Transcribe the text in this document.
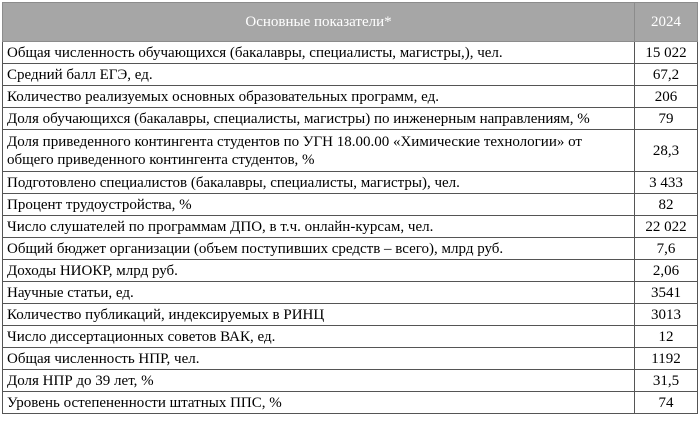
Основные показатели*	2024
Общая численность обучающихся (бакалавры, специалисты, магистры,), чел.	15 022
Средний балл ЕГЭ, ед.	67,2
Количество реализуемых основных образовательных программ, ед.	206
Доля обучающихся (бакалавры, специалисты, магистры) по инженерным направлениям, %	79
Доля приведенного контингента студентов по УГН 18.00.00 «Химические технологии» от общего приведенного контингента студентов, %	28,3
Подготовлено специалистов (бакалавры, специалисты, магистры), чел.	3 433
Процент трудоустройства, %	82
Число слушателей по программам ДПО, в т.ч. онлайн-курсам, чел.	22 022
Общий бюджет организации (объем поступивших средств – всего), млрд руб.	7,6
Доходы НИОКР, млрд руб.	2,06
Научные статьи, ед.	3541
Количество публикаций, индексируемых в РИНЦ	3013
Число диссертационных советов ВАК, ед.	12
Общая численность НПР, чел.	1192
Доля НПР до 39 лет, %	31,5
Уровень остепененности штатных ППС, %	74
